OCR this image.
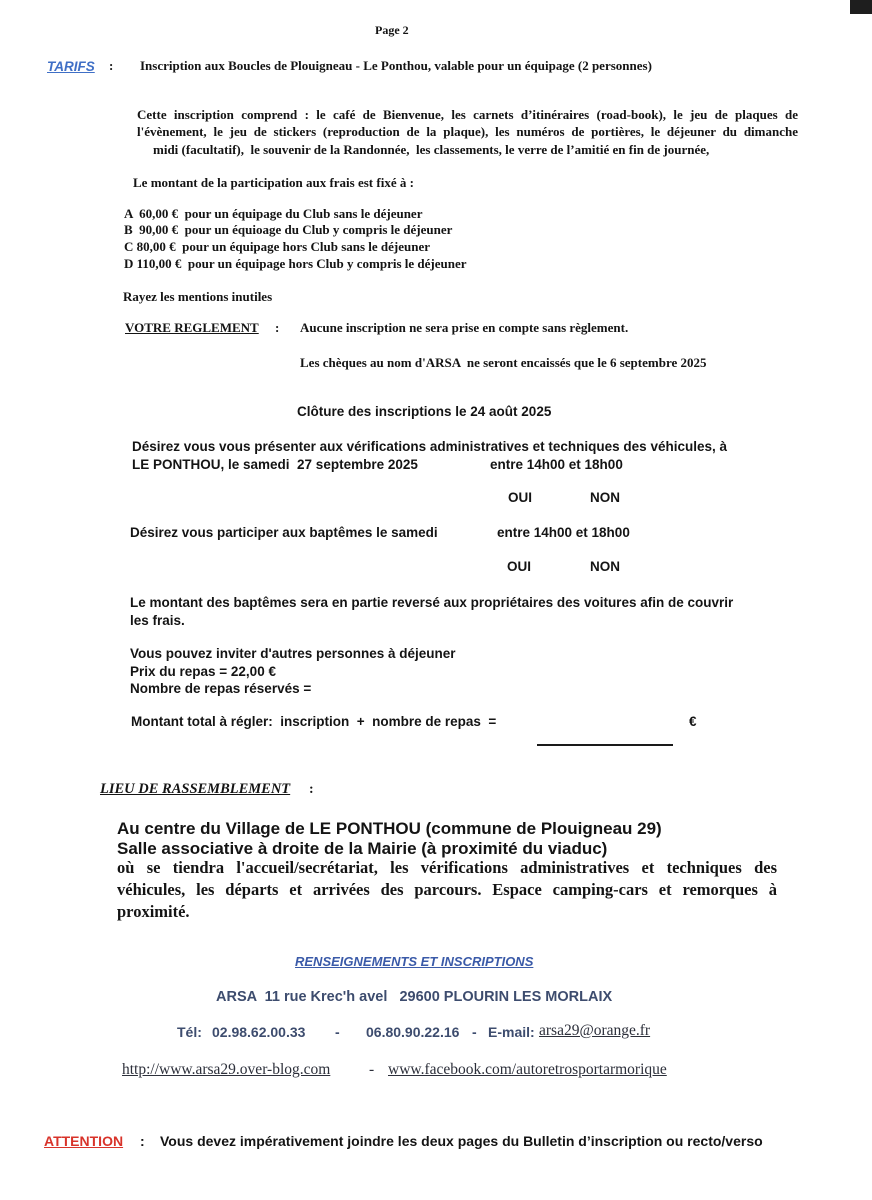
Page 2
TARIFS : Inscription aux Boucles de Plouigneau - Le Ponthou, valable pour un équipage (2 personnes)
Cette inscription comprend : le café de Bienvenue, les carnets d’itinéraires (road-book), le jeu de plaques de
l'évènement, le jeu de stickers (reproduction de la plaque), les numéros de portières, le déjeuner du dimanche
midi (facultatif),  le souvenir de la Randonnée,  les classements, le verre de l’amitié en fin de journée,
Le montant de la participation aux frais est fixé à :
A  60,00 €  pour un équipage du Club sans le déjeuner
B  90,00 €  pour un équioage du Club y compris le déjeuner
C 80,00 €  pour un équipage hors Club sans le déjeuner
D 110,00 €  pour un équipage hors Club y compris le déjeuner
Rayez les mentions inutiles
VOTRE REGLEMENT : Aucune inscription ne sera prise en compte sans règlement.
Les chèques au nom d'ARSA  ne seront encaissés que le 6 septembre 2025
Clôture des inscriptions le 24 août 2025
Désirez vous vous présenter aux vérifications administratives et techniques des véhicules, à
LE PONTHOU, le samedi  27 septembre 2025	entre 14h00 et 18h00
OUI	NON
Désirez vous participer aux baptêmes le samedi	entre 14h00 et 18h00
OUI	NON
Le montant des baptêmes sera en partie reversé aux propriétaires des voitures afin de couvrir
les frais.
Vous pouvez inviter d'autres personnes à déjeuner
Prix du repas = 22,00 €
Nombre de repas réservés =
Montant total à régler:  inscription  +  nombre de repas  =	€
LIEU DE RASSEMBLEMENT :
Au centre du Village de LE PONTHOU (commune de Plouigneau 29)
Salle associative à droite de la Mairie (à proximité du viaduc)
où se tiendra l'accueil/secrétariat, les vérifications administratives et techniques des
véhicules, les départs et arrivées des parcours. Espace camping-cars et remorques à
proximité.
RENSEIGNEMENTS ET INSCRIPTIONS
ARSA  11 rue Krec'h avel   29600 PLOURIN LES MORLAIX
Tél: 02.98.62.00.33 - 06.80.90.22.16 - E-mail: arsa29@orange.fr
http://www.arsa29.over-blog.com - www.facebook.com/autoretrosportarmorique
ATTENTION : Vous devez impérativement joindre les deux pages du Bulletin d’inscription ou recto/verso
